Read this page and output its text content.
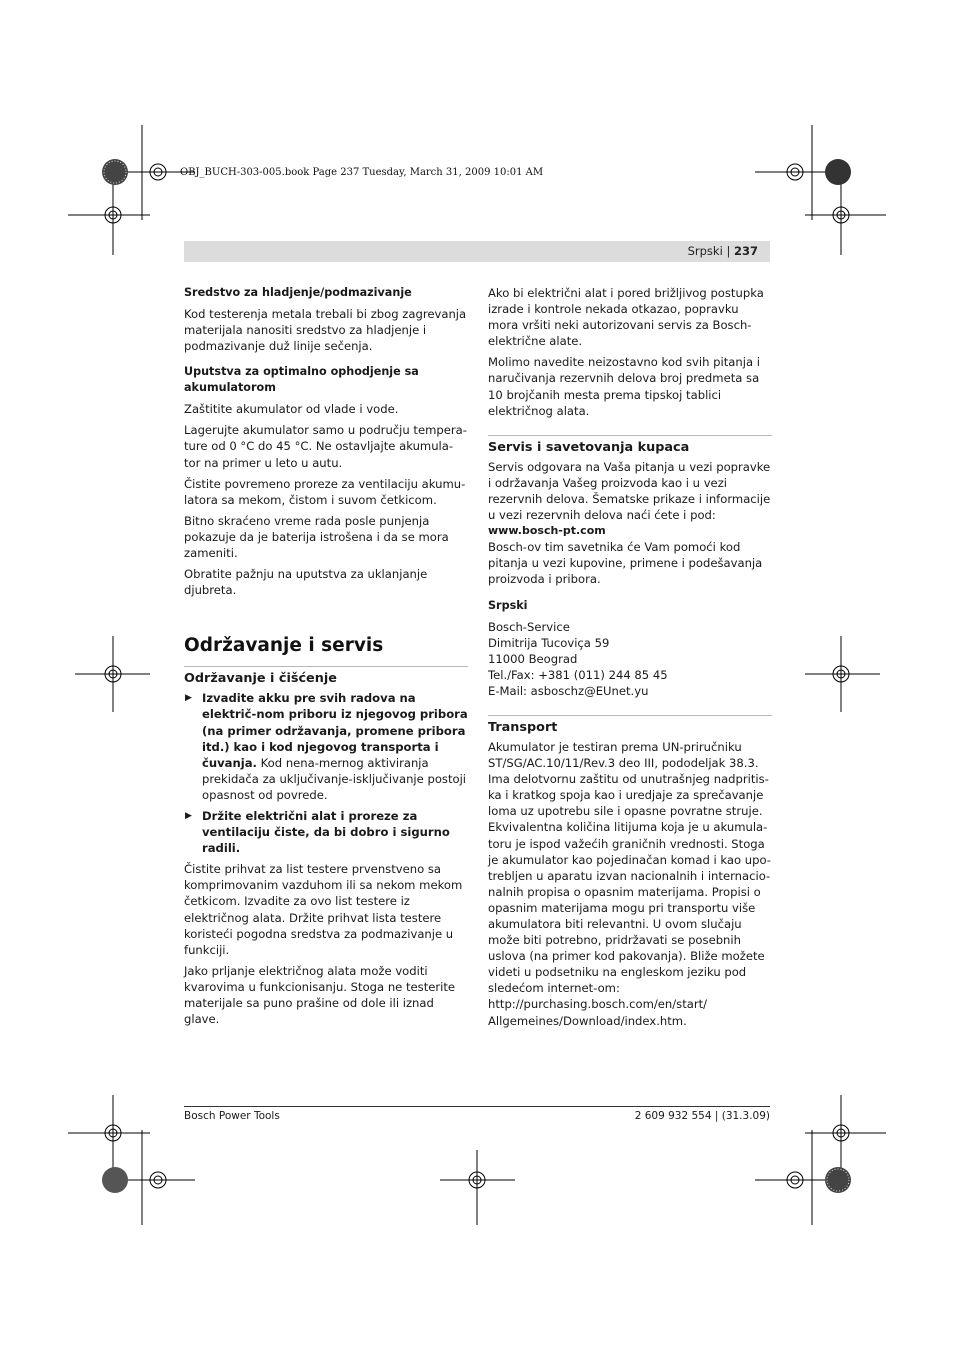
OBJ_BUCH-303-005.book Page 237 Tuesday, March 31, 2009 10:01 AM
Srpski | 237

Sredstvo za hladjenje/podmazivanje

Kod testerenja metala trebali bi zbog zagrevanja materijala nanositi sredstvo za hladjenje i podmazivanje duž linije sečenja.

Uputstva za optimalno ophodjenje sa akumulatorom

Zaštitite akumulator od vlade i vode.

Lagerujte akumulator samo u području tempera-ture od 0 °C do 45 °C. Ne ostavljajte akumula-tor na primer u leto u autu.

Čistite povremeno proreze za ventilaciju akumu-latora sa mekom, čistom i suvom četkicom.

Bitno skraćeno vreme rada posle punjenja pokazuje da je baterija istrošena i da se mora zameniti.

Obratite pažnju na uputstva za uklanjanje djubreta.

Održavanje i servis
Održavanje i čišćenje
▶ Izvadite akku pre svih radova na električ-nom priboru iz njegovog pribora (na primer održavanja, promene pribora itd.) kao i kod njegovog transporta i čuvanja. Kod nena-mernog aktiviranja prekidača za uključivanje-isključivanje postoji opasnost od povrede.
▶ Držite električni alat i proreze za ventilaciju čiste, da bi dobro i sigurno radili.

Čistite prihvat za list testere prvenstveno sa komprimovanim vazduhom ili sa nekom mekom četkicom. Izvadite za ovo list testere iz električnog alata. Držite prihvat lista testere koristeći pogodna sredstva za podmazivanje u funkciji.

Jako prljanje električnog alata može voditi kvarovima u funkcionisanju. Stoga ne testerite materijale sa puno prašine od dole ili iznad glave.

Ako bi električni alat i pored brižljivog postupka izrade i kontrole nekada otkazao, popravku mora vršiti neki autorizovani servis za Bosch-električne alate.

Molimo navedite neizostavno kod svih pitanja i naručivanja rezervnih delova broj predmeta sa 10 brojčanih mesta prema tipskoj tablici električnog alata.

Servis i savetovanja kupaca

Servis odgovara na Vaša pitanja u vezi popravke i održavanja Vašeg proizvoda kao i u vezi rezervnih delova. Šematske prikaze i informacije u vezi rezervnih delova naći ćete i pod:

www.bosch-pt.com

Bosch-ov tim savetnika će Vam pomoći kod pitanja u vezi kupovine, primene i podešavanja proizvoda i pribora.

Srpski

Bosch-Service
Dimitrija Tucoviça 59
11000 Beograd
Tel./Fax: +381 (011) 244 85 45
E-Mail: asboschz@EUnet.yu
Transport

Akumulator je testiran prema UN-priručniku ST/SG/AC.10/11/Rev.3 deo III, pododeljak 38.3. Ima delotvornu zaštitu od unutrašnjeg nadpritis-ka i kratkog spoja kao i uredjaje za sprečavanje loma uz upotrebu sile i opasne povratne struje. Ekvivalentna količina litijuma koja je u akumula-toru je ispod važećih graničnih vrednosti. Stoga je akumulator kao pojedinačan komad i kao upo-trebljen u aparatu izvan nacionalnih i internacio-nalnih propisa o opasnim materijama. Propisi o opasnim materijama mogu pri transportu više akumulatora biti relevantni. U ovom slučaju može biti potrebno, pridržavati se posebnih uslova (na primer kod pakovanja). Bliže možete videti u podsetniku na engleskom jeziku pod sledećom internet-om: http://purchasing.bosch.com/en/start/ Allgemeines/Download/index.htm.

Bosch Power Tools	2 609 932 554 | (31.3.09)
